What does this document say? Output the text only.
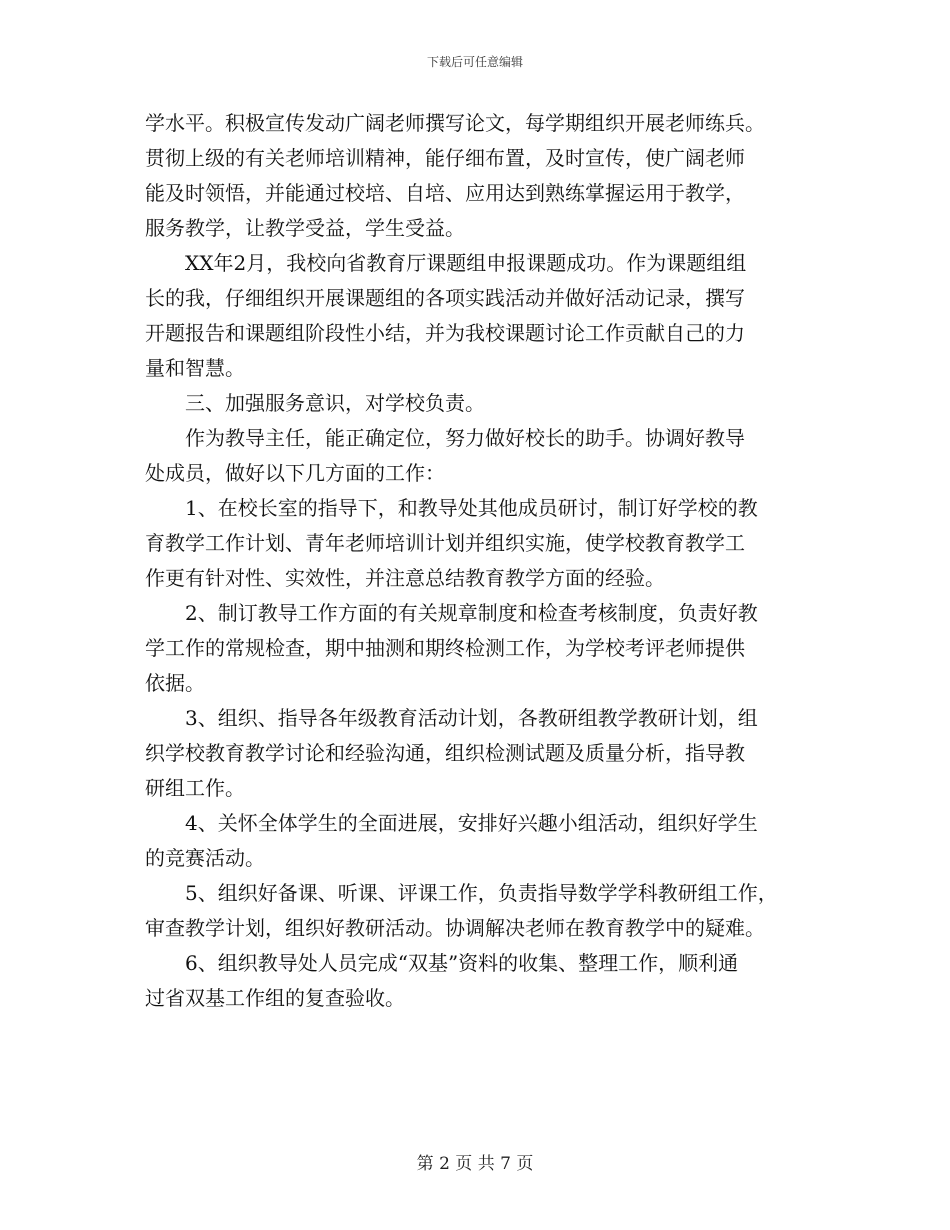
下载后可任意编辑

学水平。积极宣传发动广阔老师撰写论文，每学期组织开展老师练兵。
贯彻上级的有关老师培训精神，能仔细布置，及时宣传，使广阔老师
能及时领悟，并能通过校培、自培、应用达到熟练掌握运用于教学，
服务教学，让教学受益，学生受益。

　　XX年2月，我校向省教育厅课题组申报课题成功。作为课题组组
长的我，仔细组织开展课题组的各项实践活动并做好活动记录，撰写
开题报告和课题组阶段性小结，并为我校课题讨论工作贡献自己的力
量和智慧。

　　三、加强服务意识，对学校负责。

　　作为教导主任，能正确定位，努力做好校长的助手。协调好教导
处成员，做好以下几方面的工作：

　　1、在校长室的指导下，和教导处其他成员研讨，制订好学校的教
育教学工作计划、青年老师培训计划并组织实施，使学校教育教学工
作更有针对性、实效性，并注意总结教育教学方面的经验。

　　2、制订教导工作方面的有关规章制度和检查考核制度，负责好教
学工作的常规检查，期中抽测和期终检测工作，为学校考评老师提供
依据。

　　3、组织、指导各年级教育活动计划，各教研组教学教研计划，组
织学校教育教学讨论和经验沟通，组织检测试题及质量分析，指导教
研组工作。

　　4、关怀全体学生的全面进展，安排好兴趣小组活动，组织好学生
的竞赛活动。

　　5、组织好备课、听课、评课工作，负责指导数学学科教研组工作，
审查教学计划，组织好教研活动。协调解决老师在教育教学中的疑难。

　　6、组织教导处人员完成“双基”资料的收集、整理工作，顺利通
过省双基工作组的复查验收。

第 2 页 共 7 页
